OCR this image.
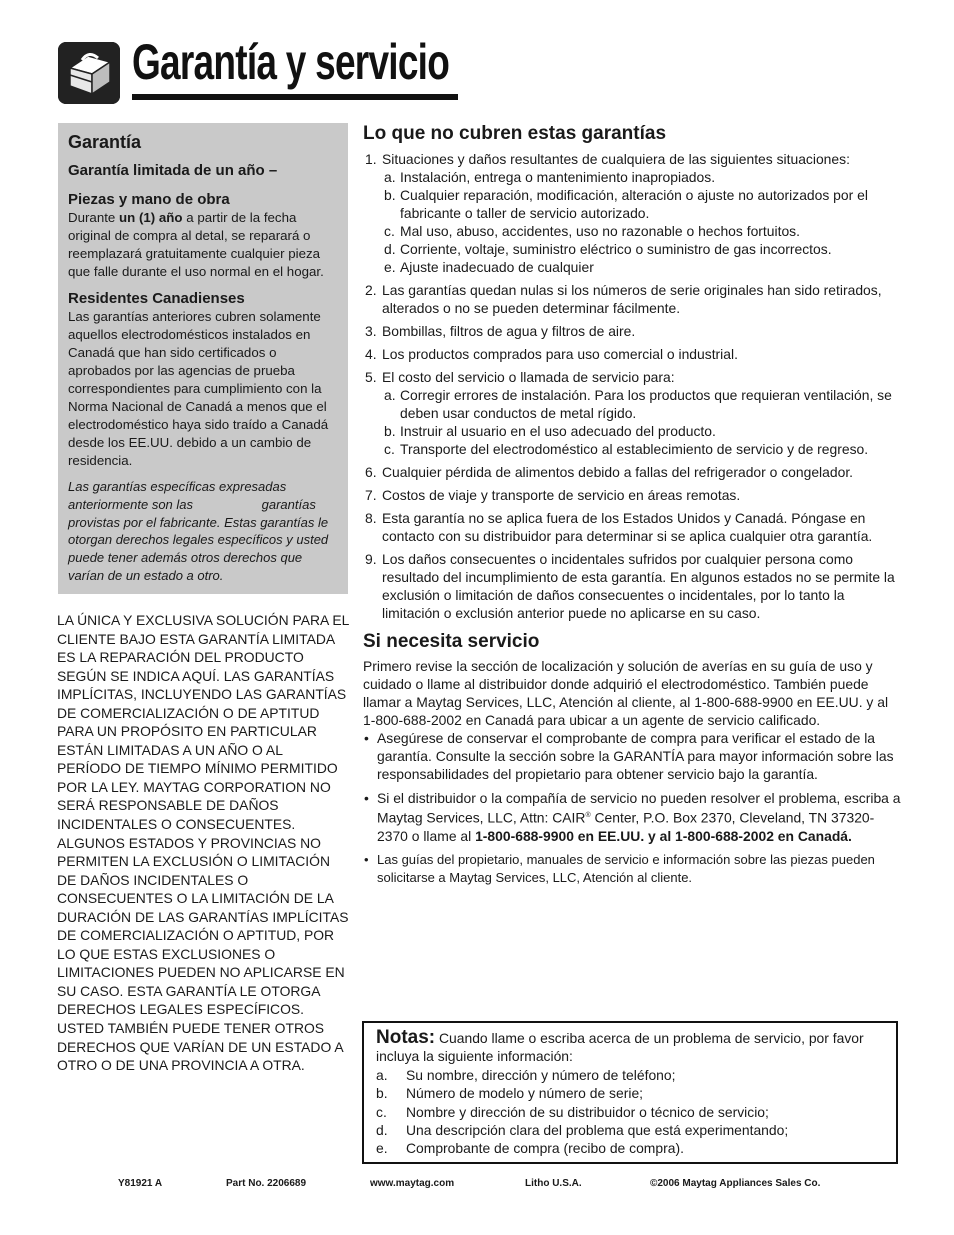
Garantía y servicio

Garantía

Garantía limitada de un año –

Piezas y mano de obra

Durante un (1) año a partir de la fecha original de compra al detal, se reparará o reemplazará gratuitamente cualquier pieza que falle durante el uso normal en el hogar.

Residentes Canadienses

Las garantías anteriores cubren solamente aquellos electrodomésticos instalados en Canadá que han sido certificados o aprobados por las agencias de prueba correspondientes para cumplimiento con la Norma Nacional de Canadá a menos que el electrodoméstico haya sido traído a Canadá desde los EE.UU. debido a un cambio de residencia.

Las garantías específicas expresadas anteriormente son las                   garantías provistas por el fabricante. Estas garantías le otorgan derechos legales específicos y usted puede tener además otros derechos que varían de un estado a otro.

LA ÚNICA Y EXCLUSIVA SOLUCIÓN PARA EL CLIENTE BAJO ESTA GARANTÍA LIMITADA ES LA REPARACIÓN DEL PRODUCTO SEGÚN SE INDICA AQUÍ. LAS GARANTÍAS IMPLÍCITAS, INCLUYENDO LAS GARANTÍAS DE COMERCIALIZACIÓN O DE APTITUD PARA UN PROPÓSITO EN PARTICULAR ESTÁN LIMITADAS A UN AÑO O AL PERÍODO DE TIEMPO MÍNIMO PERMITIDO POR LA LEY. MAYTAG CORPORATION NO SERÁ RESPONSABLE DE DAÑOS INCIDENTALES O CONSECUENTES. ALGUNOS ESTADOS Y PROVINCIAS NO PERMITEN LA EXCLUSIÓN O LIMITACIÓN DE DAÑOS INCIDENTALES O CONSECUENTES O LA LIMITACIÓN DE LA DURACIÓN DE LAS GARANTÍAS IMPLÍCITAS DE COMERCIALIZACIÓN O APTITUD, POR LO QUE ESTAS EXCLUSIONES O LIMITACIONES PUEDEN NO APLICARSE EN SU CASO. ESTA GARANTÍA LE OTORGA DERECHOS LEGALES ESPECÍFICOS. USTED TAMBIÉN PUEDE TENER OTROS DERECHOS QUE VARÍAN DE UN ESTADO A OTRO O DE UNA PROVINCIA A OTRA.

Lo que no cubren estas garantías

1. Situaciones y daños resultantes de cualquiera de las siguientes situaciones:
a. Instalación, entrega o mantenimiento inapropiados.
b. Cualquier reparación, modificación, alteración o ajuste no autorizados por el fabricante o taller de servicio autorizado.
c. Mal uso, abuso, accidentes, uso no razonable o hechos fortuitos.
d. Corriente, voltaje, suministro eléctrico o suministro de gas incorrectos.
e. Ajuste inadecuado de cualquier
2. Las garantías quedan nulas si los números de serie originales han sido retirados, alterados o no se pueden determinar fácilmente.
3. Bombillas, filtros de agua y filtros de aire.
4. Los productos comprados para uso comercial o industrial.
5. El costo del servicio o llamada de servicio para:
a. Corregir errores de instalación. Para los productos que requieran ventilación, se deben usar conductos de metal rígido.
b. Instruir al usuario en el uso adecuado del producto.
c. Transporte del electrodoméstico al establecimiento de servicio y de regreso.
6. Cualquier pérdida de alimentos debido a fallas del refrigerador o congelador.
7. Costos de viaje y transporte de servicio en áreas remotas.
8. Esta garantía no se aplica fuera de los Estados Unidos y Canadá. Póngase en contacto con su distribuidor para determinar si se aplica cualquier otra garantía.
9. Los daños consecuentes o incidentales sufridos por cualquier persona como resultado del incumplimiento de esta garantía. En algunos estados no se permite la exclusión o limitación de daños consecuentes o incidentales, por lo tanto la limitación o exclusión anterior puede no aplicarse en su caso.

Si necesita servicio

Primero revise la sección de localización y solución de averías en su guía de uso y cuidado o llame al distribuidor donde adquirió el electrodoméstico. También puede llamar a Maytag Services, LLC, Atención al cliente, al 1-800-688-9900 en EE.UU. y al 1-800-688-2002 en Canadá para ubicar a un agente de servicio calificado.

• Asegúrese de conservar el comprobante de compra para verificar el estado de la garantía. Consulte la sección sobre la GARANTÍA para mayor información sobre las responsabilidades del propietario para obtener servicio bajo la garantía.
• Si el distribuidor o la compañía de servicio no pueden resolver el problema, escriba a Maytag Services, LLC, Attn: CAIR® Center, P.O. Box 2370, Cleveland, TN 37320-2370 o llame al 1-800-688-9900 en EE.UU. y al 1-800-688-2002 en Canadá.
• Las guías del propietario, manuales de servicio e información sobre las piezas pueden solicitarse a Maytag Services, LLC, Atención al cliente.
Notas: Cuando llame o escriba acerca de un problema de servicio, por favor incluya la siguiente información:
a. Su nombre, dirección y número de teléfono;
b. Número de modelo y número de serie;
c. Nombre y dirección de su distribuidor o técnico de servicio;
d. Una descripción clara del problema que está experimentando;
e. Comprobante de compra (recibo de compra).
Y81921 A	Part No. 2206689	www.maytag.com	Litho U.S.A.	©2006 Maytag Appliances Sales Co.
